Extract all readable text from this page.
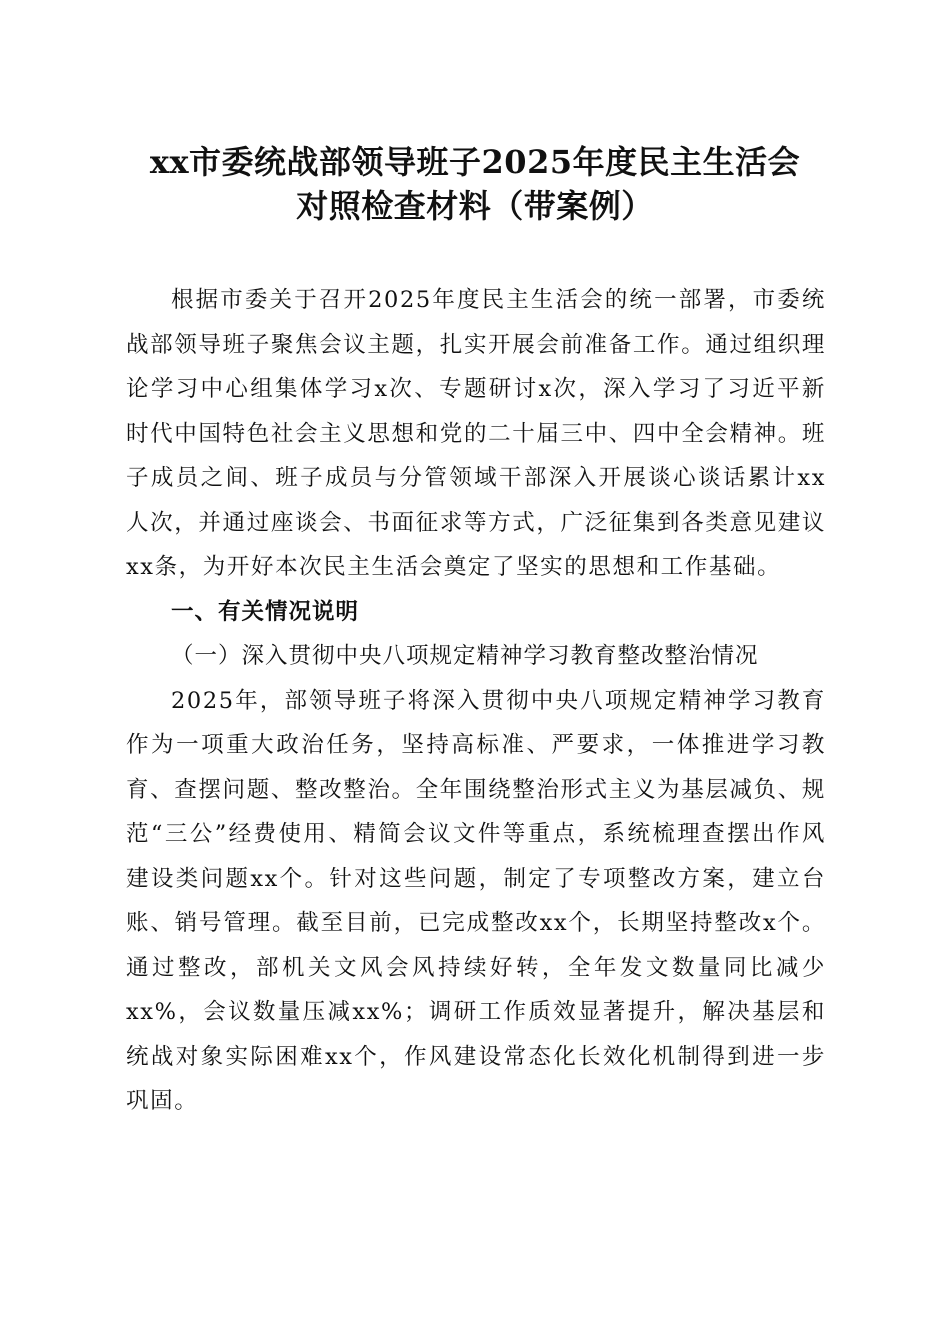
xx市委统战部领导班子2025年度民主生活会
对照检查材料（带案例）

根据市委关于召开2025年度民主生活会的统一部署，市委统战部领导班子聚焦会议主题，扎实开展会前准备工作。通过组织理论学习中心组集体学习x次、专题研讨x次，深入学习了习近平新时代中国特色社会主义思想和党的二十届三中、四中全会精神。班子成员之间、班子成员与分管领域干部深入开展谈心谈话累计xx人次，并通过座谈会、书面征求等方式，广泛征集到各类意见建议xx条，为开好本次民主生活会奠定了坚实的思想和工作基础。

一、有关情况说明

（一）深入贯彻中央八项规定精神学习教育整改整治情况

2025年，部领导班子将深入贯彻中央八项规定精神学习教育作为一项重大政治任务，坚持高标准、严要求，一体推进学习教育、查摆问题、整改整治。全年围绕整治形式主义为基层减负、规范“三公”经费使用、精简会议文件等重点，系统梳理查摆出作风建设类问题xx个。针对这些问题，制定了专项整改方案，建立台账、销号管理。截至目前，已完成整改xx个，长期坚持整改x个。通过整改，部机关文风会风持续好转，全年发文数量同比减少xx%，会议数量压减xx%；调研工作质效显著提升，解决基层和统战对象实际困难xx个，作风建设常态化长效化机制得到进一步巩固。
